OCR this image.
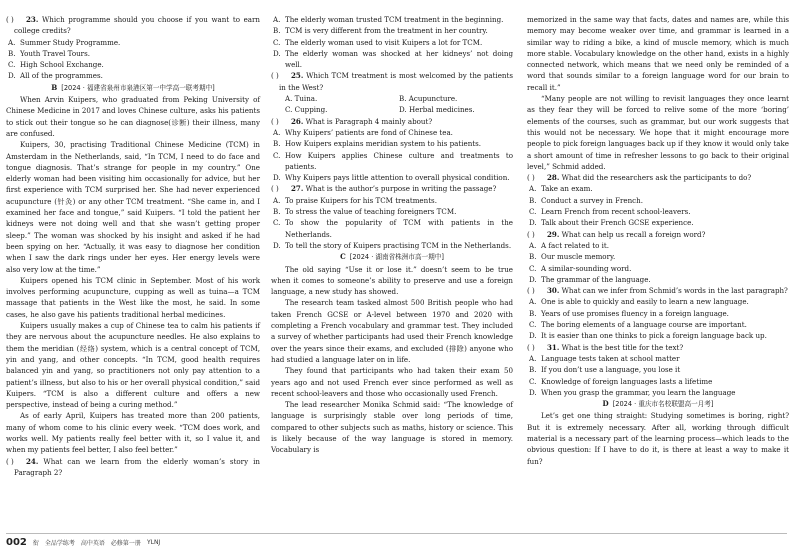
( ) 23. Which programme should you choose if you want to earn college credits?

A. Summer Study Programme.

B. Youth Travel Tours.

C. High School Exchange.

D. All of the programmes.

B [2024 · 福建省泉州市泉港区第一中学高一联考期中]

When Arvin Kuipers, who graduated from Peking University of Chinese Medicine in 2017 and loves Chinese culture, asks his patients to stick out their tongue so he can diagnose(诊断) their illness, many are confused.

Kuipers, 30, practising Traditional Chinese Medicine (TCM) in Amsterdam in the Netherlands, said, “In TCM, I need to do face and tongue diagnosis. That’s strange for people in my country.” One elderly woman had been visiting him occasionally for advice, but her first experience with TCM surprised her. She had never experienced acupuncture (针灸) or any other TCM treatment. “She came in, and I examined her face and tongue,” said Kuipers. “I told the patient her kidneys were not doing well and that she wasn’t getting proper sleep.” The woman was shocked by his insight and asked if he had been spying on her. “Actually, it was easy to diagnose her condition when I saw the dark rings under her eyes. Her energy levels were also very low at the time.”

Kuipers opened his TCM clinic in September. Most of his work involves performing acupuncture, cupping as well as tuina—a TCM massage that patients in the West like the most, he said. In some cases, he also gave his patients traditional herbal medicines.

Kuipers usually makes a cup of Chinese tea to calm his patients if they are nervous about the acupuncture needles. He also explains to them the meridian (经络) system, which is a central concept of TCM, yin and yang, and other concepts. “In TCM, good health requires balanced yin and yang, so practitioners not only pay attention to a patient’s illness, but also to his or her overall physical condition,” said Kuipers. “TCM is also a different culture and offers a new perspective, instead of being a curing method.”

As of early April, Kuipers has treated more than 200 patients, many of whom come to his clinic every week. “TCM does work, and works well. My patients really feel better with it, so I value it, and when my patients feel better, I also feel better.”

( ) 24. What can we learn from the elderly woman’s story in Paragraph 2?

A. The elderly woman trusted TCM treatment in the beginning.

B. TCM is very different from the treatment in her country.

C. The elderly woman used to visit Kuipers a lot for TCM.

D. The elderly woman was shocked at her kidneys’ not doing well.

( ) 25. Which TCM treatment is most welcomed by the patients in the West?

A. Tuina.	B. Acupuncture.
C. Cupping.	D. Herbal medicines.

( ) 26. What is Paragraph 4 mainly about?

A. Why Kuipers’ patients are fond of Chinese tea.

B. How Kuipers explains meridian system to his patients.

C. How Kuipers applies Chinese culture and treatments to patients.

D. Why Kuipers pays little attention to overall physical condition.

( ) 27. What is the author’s purpose in writing the passage?

A. To praise Kuipers for his TCM treatments.

B. To stress the value of teaching foreigners TCM.

C. To show the popularity of TCM with patients in the Netherlands.

D. To tell the story of Kuipers practising TCM in the Netherlands.

C [2024 · 湖南省株洲市高一期中]

The old saying “Use it or lose it.” doesn’t seem to be true when it comes to someone’s ability to preserve and use a foreign language, a new study has showed.

The research team tasked almost 500 British people who had taken French GCSE or A-level between 1970 and 2020 with completing a French vocabulary and grammar test. They included a survey of whether participants had used their French knowledge over the years since their exams, and excluded (排除) anyone who had studied a language later on in life.

They found that participants who had taken their exam 50 years ago and not used French ever since performed as well as recent school-leavers and those who occasionally used French.

The lead researcher Monika Schmid said: “The knowledge of language is surprisingly stable over long periods of time, compared to other subjects such as maths, history or science. This is likely because of the way language is stored in memory. Vocabulary is

memorized in the same way that facts, dates and names are, while this memory may become weaker over time, and grammar is learned in a similar way to riding a bike, a kind of muscle memory, which is much more stable. Vocabulary knowledge on the other hand, exists in a highly connected network, which means that we need only be reminded of a word that sounds similar to a foreign language word for our brain to recall it.”

“Many people are not willing to revisit languages they once learnt as they fear they will be forced to relive some of the more ‘boring’ elements of the courses, such as grammar, but our work suggests that this would not be necessary. We hope that it might encourage more people to pick foreign languages back up if they know it would only take a short amount of time in refresher lessons to go back to their original level,” Schmid added.

( ) 28. What did the researchers ask the participants to do?

A. Take an exam.

B. Conduct a survey in French.

C. Learn French from recent school-leavers.

D. Talk about their French GCSE experience.

( ) 29. What can help us recall a foreign word?

A. A fact related to it.

B. Our muscle memory.

C. A similar-sounding word.

D. The grammar of the language.

( ) 30. What can we infer from Schmid’s words in the last paragraph?

A. One is able to quickly and easily to learn a new language.

B. Years of use promises fluency in a foreign language.

C. The boring elements of a language course are important.

D. It is easier than one thinks to pick a foreign language back up.

( ) 31. What is the best title for the text?

A. Language tests taken at school matter

B. If you don’t use a language, you lose it

C. Knowledge of foreign languages lasts a lifetime

D. When you grasp the grammar, you learn the language

D [2024 · 重庆市名校联盟高一月考]

Let’s get one thing straight: Studying sometimes is boring, right? But it is extremely necessary. After all, working through difficult material is a necessary part of the learning process—which leads to the obvious question: If I have to do it, is there at least a way to make it fun?

002 衔 全品学练考 高中英语 必修第一册 YLNJ
